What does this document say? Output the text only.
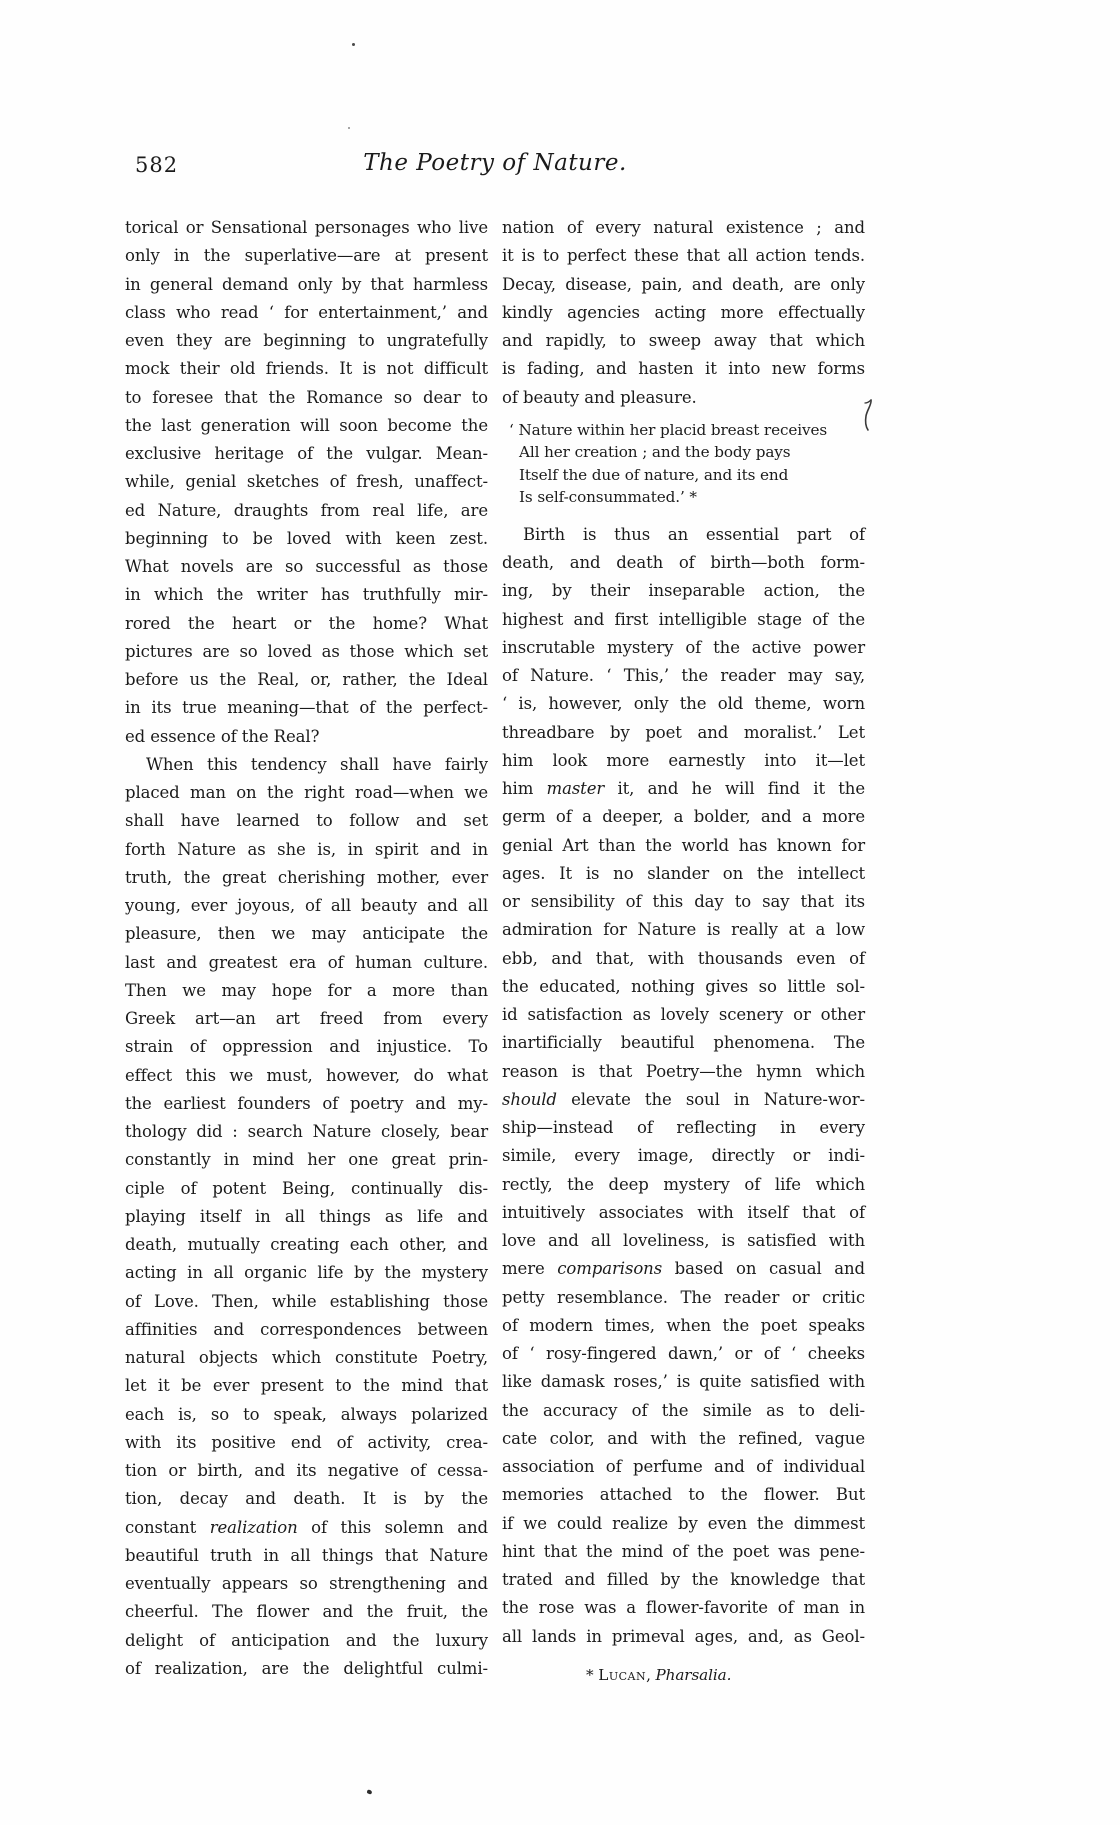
582	The Poetry of Nature.
torical or Sensational personages who live
only in the superlative—are at present
in general demand only by that harmless
class who read ‘ for entertainment,’ and
even they are beginning to ungratefully
mock their old friends. It is not difficult
to foresee that the Romance so dear to
the last generation will soon become the
exclusive heritage of the vulgar. Mean-
while, genial sketches of fresh, unaffect-
ed Nature, draughts from real life, are
beginning to be loved with keen zest.
What novels are so successful as those
in which the writer has truthfully mir-
rored the heart or the home? What
pictures are so loved as those which set
before us the Real, or, rather, the Ideal
in its true meaning—that of the perfect-
ed essence of the Real?
When this tendency shall have fairly
placed man on the right road—when we
shall have learned to follow and set
forth Nature as she is, in spirit and in
truth, the great cherishing mother, ever
young, ever joyous, of all beauty and all
pleasure, then we may anticipate the
last and greatest era of human culture.
Then we may hope for a more than
Greek art—an art freed from every
strain of oppression and injustice. To
effect this we must, however, do what
the earliest founders of poetry and my-
thology did : search Nature closely, bear
constantly in mind her one great prin-
ciple of potent Being, continually dis-
playing itself in all things as life and
death, mutually creating each other, and
acting in all organic life by the mystery
of Love. Then, while establishing those
affinities and correspondences between
natural objects which constitute Poetry,
let it be ever present to the mind that
each is, so to speak, always polarized
with its positive end of activity, crea-
tion or birth, and its negative of cessa-
tion, decay and death. It is by the
constant realization of this solemn and
beautiful truth in all things that Nature
eventually appears so strengthening and
cheerful. The flower and the fruit, the
delight of anticipation and the luxury
of realization, are the delightful culmi-
nation of every natural existence ; and
it is to perfect these that all action tends.
Decay, disease, pain, and death, are only
kindly agencies acting more effectually
and rapidly, to sweep away that which
is fading, and hasten it into new forms
of beauty and pleasure.
‘ Nature within her placid breast receives
All her creation ; and the body pays
Itself the due of nature, and its end
Is self-consummated.’ *
Birth is thus an essential part of
death, and death of birth—both form-
ing, by their inseparable action, the
highest and first intelligible stage of the
inscrutable mystery of the active power
of Nature. ‘ This,’ the reader may say,
‘ is, however, only the old theme, worn
threadbare by poet and moralist.’ Let
him look more earnestly into it—let
him master it, and he will find it the
germ of a deeper, a bolder, and a more
genial Art than the world has known for
ages. It is no slander on the intellect
or sensibility of this day to say that its
admiration for Nature is really at a low
ebb, and that, with thousands even of
the educated, nothing gives so little sol-
id satisfaction as lovely scenery or other
inartificially beautiful phenomena. The
reason is that Poetry—the hymn which
should elevate the soul in Nature-wor-
ship—instead of reflecting in every
simile, every image, directly or indi-
rectly, the deep mystery of life which
intuitively associates with itself that of
love and all loveliness, is satisfied with
mere comparisons based on casual and
petty resemblance. The reader or critic
of modern times, when the poet speaks
of ‘ rosy-fingered dawn,’ or of ‘ cheeks
like damask roses,’ is quite satisfied with
the accuracy of the simile as to deli-
cate color, and with the refined, vague
association of perfume and of individual
memories attached to the flower. But
if we could realize by even the dimmest
hint that the mind of the poet was pene-
trated and filled by the knowledge that
the rose was a flower-favorite of man in
all lands in primeval ages, and, as Geol-
* Lucan, Pharsalia.
